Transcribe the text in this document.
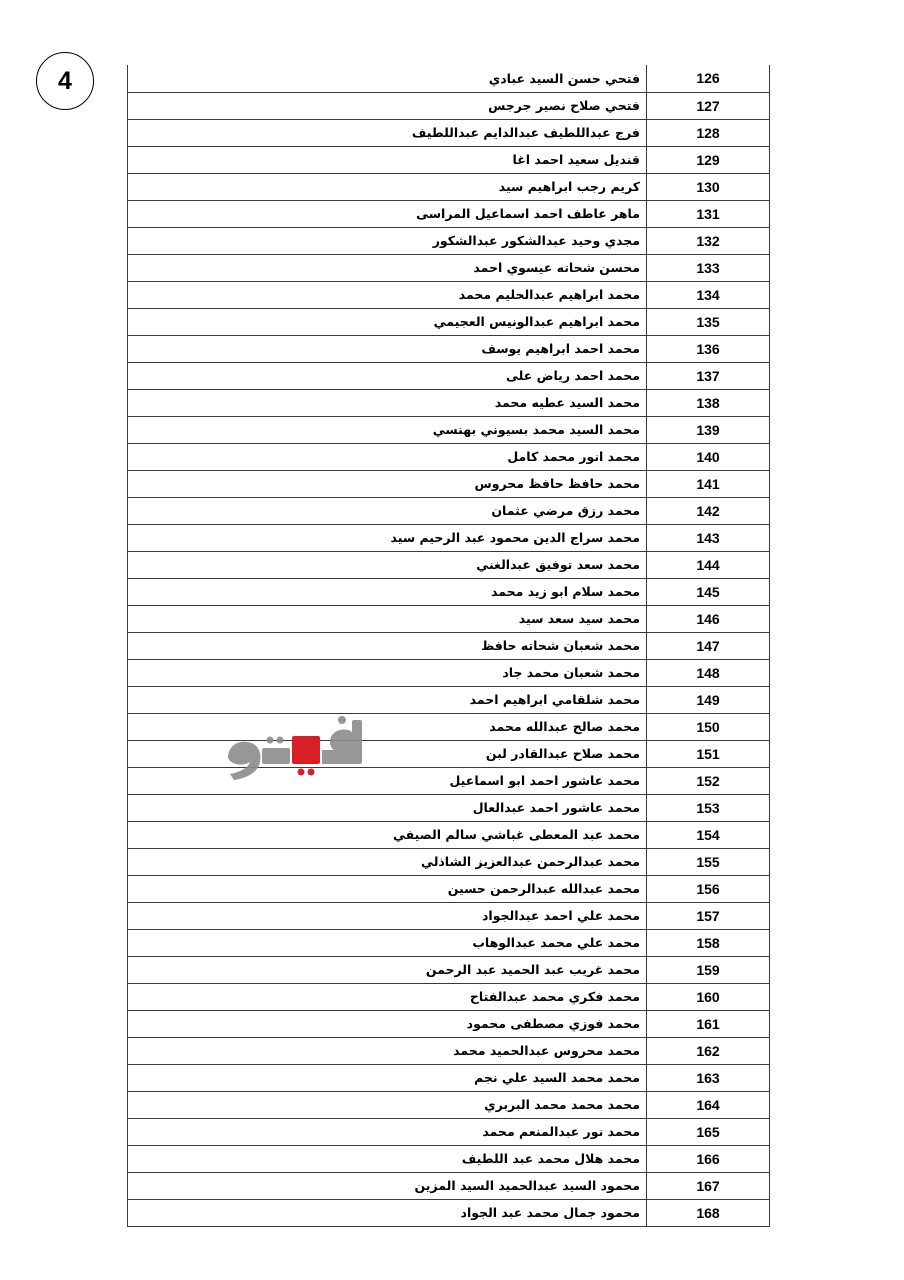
4	فتحي حسن السيد عبادي	126
فتحي صلاح نصير جرجس	127
فرج عبداللطيف عبدالدايم عبداللطيف	128
قنديل سعيد احمد اغا	129
كريم رجب ابراهيم سيد	130
ماهر عاطف احمد اسماعيل المراسى	131
مجدي وحيد عبدالشكور عبدالشكور	132
محسن شحاته عيسوي احمد	133
محمد ابراهيم عبدالحليم محمد	134
محمد ابراهيم عبدالونيس العجيمي	135
محمد احمد ابراهيم يوسف	136
محمد احمد رياض على	137
محمد السيد عطيه محمد	138
محمد السيد محمد بسيوني بهنسي	139
محمد انور محمد كامل	140
محمد حافظ حافظ محروس	141
محمد رزق مرضي عثمان	142
محمد سراج الدين محمود عبد الرحيم سيد	143
محمد سعد توفيق عبدالغني	144
محمد سلام ابو زيد محمد	145
محمد سيد سعد سيد	146
محمد شعبان شحاته حافظ	147
محمد شعبان محمد جاد	148
محمد شلقامي ابراهيم احمد	149
محمد صالح عبدالله محمد	150
محمد صلاح عبدالقادر لبن	151
محمد عاشور احمد ابو اسماعيل	152
محمد عاشور احمد عبدالعال	153
محمد عبد المعطى غباشي سالم الصيفي	154
محمد عبدالرحمن عبدالعزيز الشاذلي	155
محمد عبدالله عبدالرحمن حسين	156
محمد علي احمد عبدالجواد	157
محمد علي محمد عبدالوهاب	158
محمد غريب عبد الحميد عبد الرحمن	159
محمد فكري محمد عبدالفتاح	160
محمد فوزي مصطفى محمود	161
محمد محروس عبدالحميد محمد	162
محمد محمد السيد علي نجم	163
محمد محمد محمد البربري	164
محمد نور عبدالمنعم محمد	165
محمد هلال محمد عبد اللطيف	166
محمود السيد عبدالحميد السيد المزين	167
محمود جمال محمد عبد الجواد	168
فيتو
